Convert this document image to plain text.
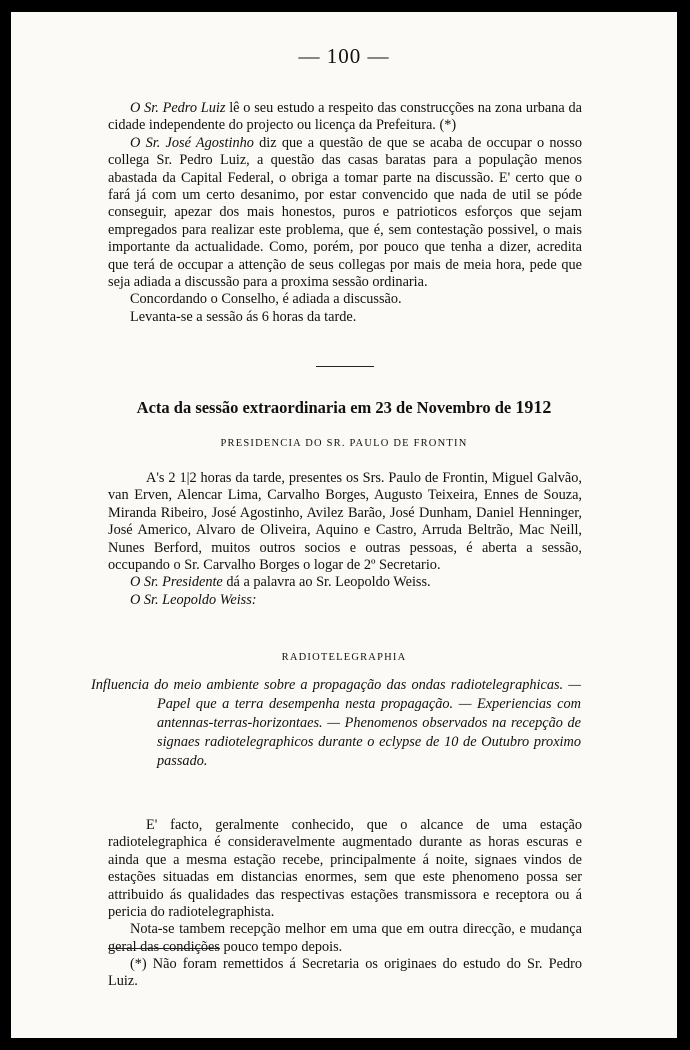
— 100 —

O Sr. Pedro Luiz lê o seu estudo a respeito das construcções na zona urbana da cidade independente do projecto ou licença da Prefeitura. (*)

O Sr. José Agostinho diz que a questão de que se acaba de occupar o nosso collega Sr. Pedro Luiz, a questão das casas baratas para a população menos abastada da Capital Federal, o obriga a tomar parte na discussão. E' certo que o fará já com um certo desanimo, por estar convencido que nada de util se póde conseguir, apezar dos mais honestos, puros e patrioticos esforços que sejam empregados para realizar este problema, que é, sem contestação possivel, o mais importante da actualidade. Como, porém, por pouco que tenha a dizer, acredita que terá de occupar a attenção de seus collegas por mais de meia hora, pede que seja adiada a discussão para a proxima sessão ordinaria.

Concordando o Conselho, é adiada a discussão.

Levanta-se a sessão ás 6 horas da tarde.

Acta da sessão extraordinaria em 23 de Novembro de 1912
PRESIDENCIA DO SR. PAULO DE FRONTIN

A's 2 1|2 horas da tarde, presentes os Srs. Paulo de Frontin, Miguel Galvão, van Erven, Alencar Lima, Carvalho Borges, Augusto Teixeira, Ennes de Souza, Miranda Ribeiro, José Agostinho, Avilez Barão, José Dunham, Daniel Henninger, José Americo, Alvaro de Oliveira, Aquino e Castro, Arruda Beltrão, Mac Neill, Nunes Berford, muitos outros socios e outras pessoas, é aberta a sessão, occupando o Sr. Carvalho Borges o logar de 2º Secretario.

O Sr. Presidente dá a palavra ao Sr. Leopoldo Weiss.

O Sr. Leopoldo Weiss:

RADIOTELEGRAPHIA
Influencia do meio ambiente sobre a propagação das ondas radiotelegraphicas. — Papel que a terra desempenha nesta propagação. — Experiencias com antennas-terras-horizontaes. — Phenomenos observados na recepção de signaes radiotelegraphicos durante o eclypse de 10 de Outubro proximo passado.

E' facto, geralmente conhecido, que o alcance de uma estação radiotelegraphica é consideravelmente augmentado durante as horas escuras e ainda que a mesma estação recebe, principalmente á noite, signaes vindos de estações situadas em distancias enormes, sem que este phenomeno possa ser attribuido ás qualidades das respectivas estações transmissora e receptora ou á pericia do radiotelegraphista.

Nota-se tambem recepção melhor em uma que em outra direcção, e mudança geral das condições pouco tempo depois.

(*) Não foram remettidos á Secretaria os originaes do estudo do Sr. Pedro Luiz.
